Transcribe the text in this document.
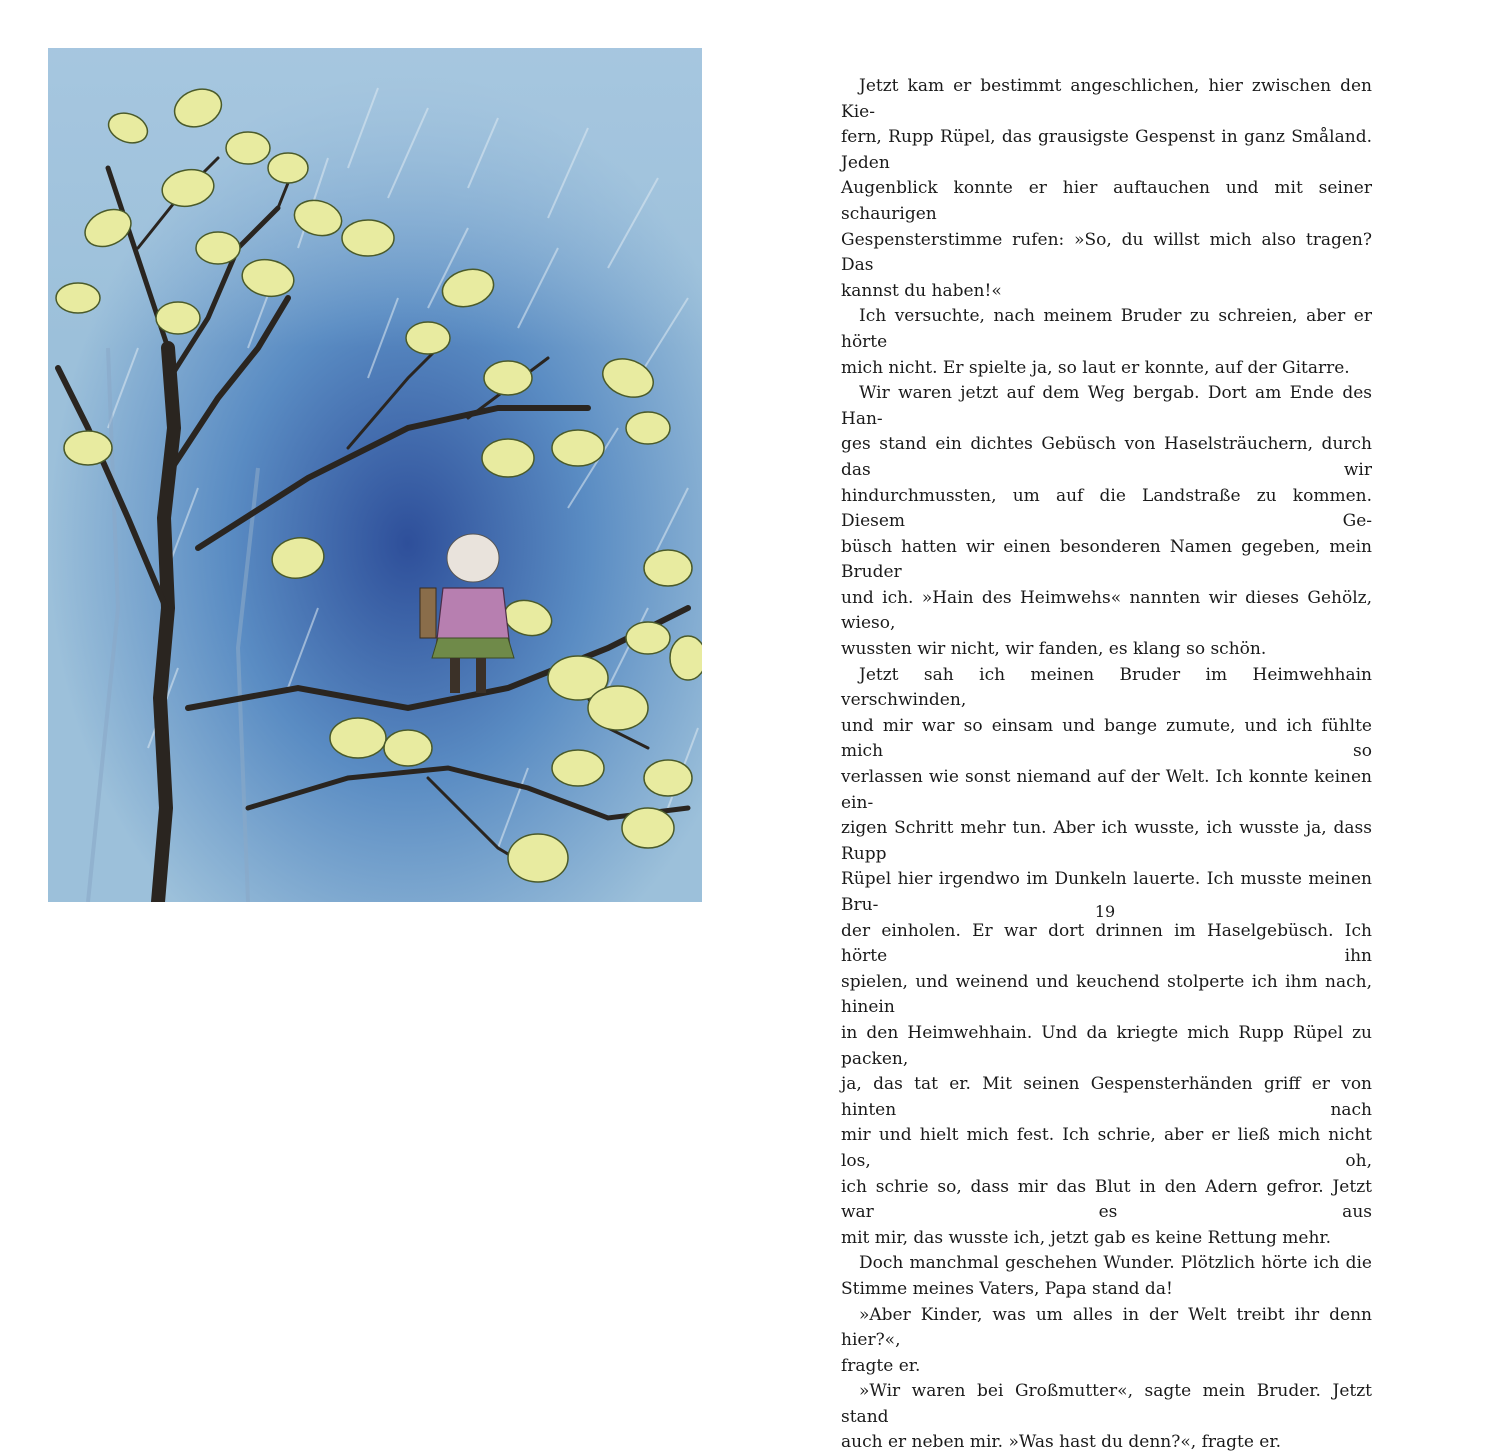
Jetzt kam er bestimmt angeschlichen, hier zwischen den Kie-
fern, Rupp Rüpel, das grausigste Gespenst in ganz Småland. Jeden
Augenblick konnte er hier auftauchen und mit seiner schaurigen
Gespensterstimme rufen: »So, du willst mich also tragen? Das
kannst du haben!«

Ich versuchte, nach meinem Bruder zu schreien, aber er hörte
mich nicht. Er spielte ja, so laut er konnte, auf der Gitarre.

Wir waren jetzt auf dem Weg bergab. Dort am Ende des Han-
ges stand ein dichtes Gebüsch von Haselsträuchern, durch das wir
hindurchmussten, um auf die Landstraße zu kommen. Diesem Ge-
büsch hatten wir einen besonderen Namen gegeben, mein Bruder
und ich. »Hain des Heimwehs« nannten wir dieses Gehölz, wieso,
wussten wir nicht, wir fanden, es klang so schön.

Jetzt sah ich meinen Bruder im Heimwehhain verschwinden,
und mir war so einsam und bange zumute, und ich fühlte mich so
verlassen wie sonst niemand auf der Welt. Ich konnte keinen ein-
zigen Schritt mehr tun. Aber ich wusste, ich wusste ja, dass Rupp
Rüpel hier irgendwo im Dunkeln lauerte. Ich musste meinen Bru-
der einholen. Er war dort drinnen im Haselgebüsch. Ich hörte ihn
spielen, und weinend und keuchend stolperte ich ihm nach, hinein
in den Heimwehhain. Und da kriegte mich Rupp Rüpel zu packen,
ja, das tat er. Mit seinen Gespensterhänden griff er von hinten nach
mir und hielt mich fest. Ich schrie, aber er ließ mich nicht los, oh,
ich schrie so, dass mir das Blut in den Adern gefror. Jetzt war es aus
mit mir, das wusste ich, jetzt gab es keine Rettung mehr.

Doch manchmal geschehen Wunder. Plötzlich hörte ich die
Stimme meines Vaters, Papa stand da!

»Aber Kinder, was um alles in der Welt treibt ihr denn hier?«,
fragte er.

»Wir waren bei Großmutter«, sagte mein Bruder. Jetzt stand
auch er neben mir. »Was hast du denn?«, fragte er.

19
